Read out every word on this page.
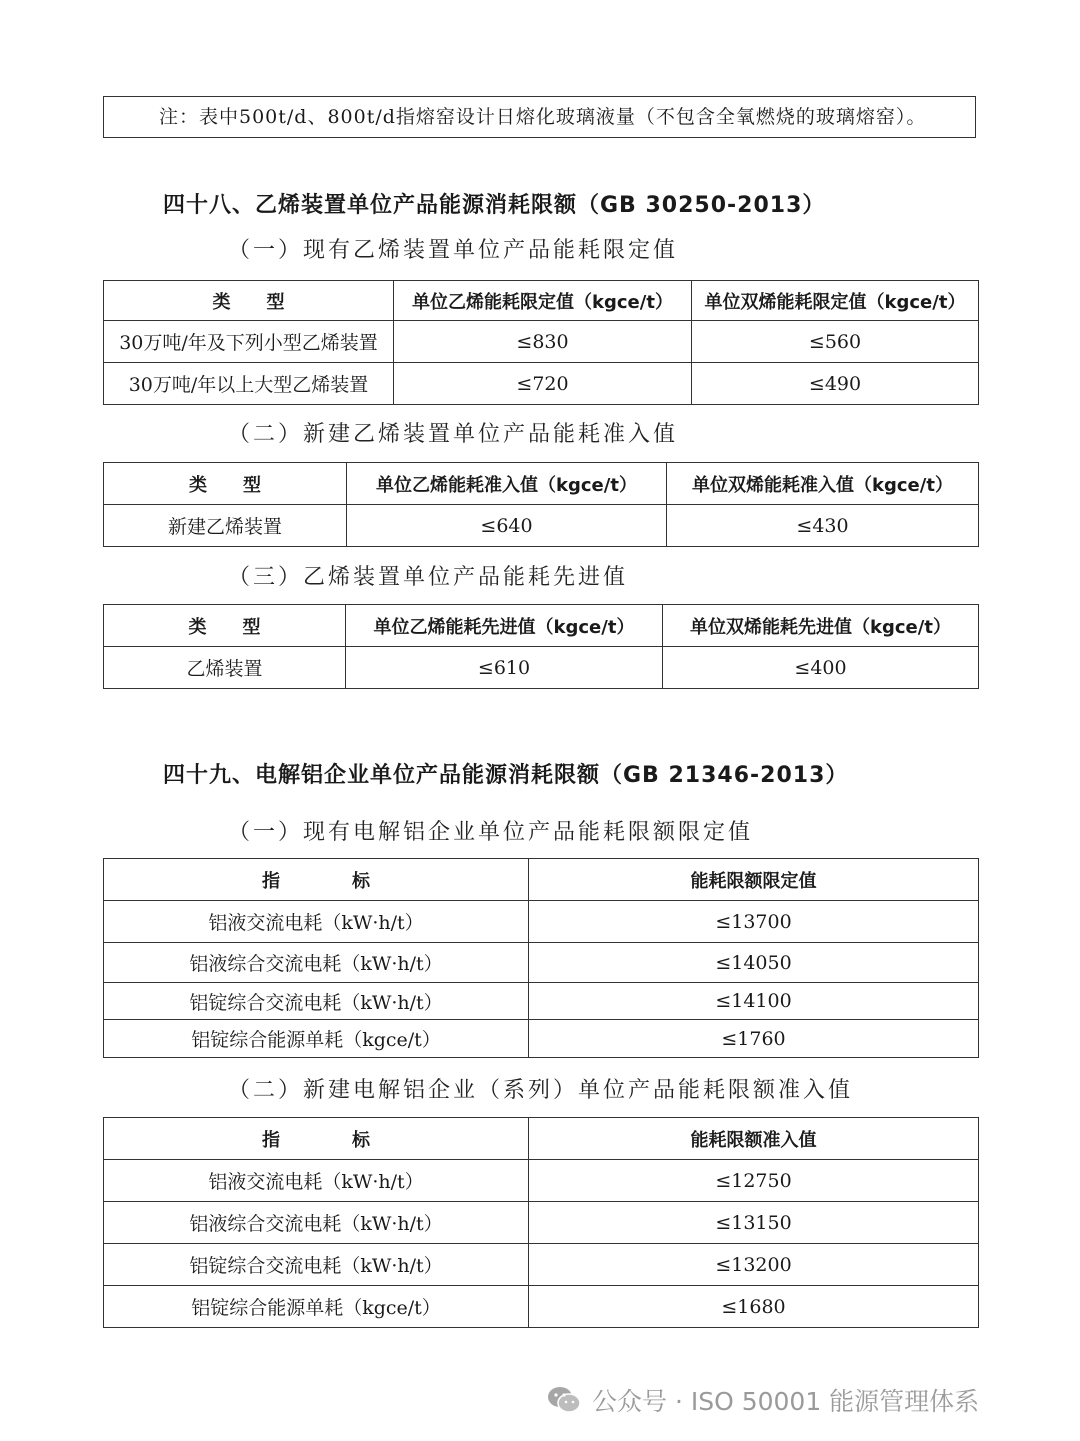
注：表中500t/d、800t/d指熔窑设计日熔化玻璃液量（不包含全氧燃烧的玻璃熔窑）。
四十八、乙烯装置单位产品能源消耗限额（GB 30250-2013）
（一）现有乙烯装置单位产品能耗限定值
类　　型	单位乙烯能耗限定值（kgce/t）	单位双烯能耗限定值（kgce/t）
30万吨/年及下列小型乙烯装置	≤830	≤560
30万吨/年以上大型乙烯装置	≤720	≤490
（二）新建乙烯装置单位产品能耗准入值
类　　型	单位乙烯能耗准入值（kgce/t）	单位双烯能耗准入值（kgce/t）
新建乙烯装置	≤640	≤430
（三）乙烯装置单位产品能耗先进值
类　　型	单位乙烯能耗先进值（kgce/t）	单位双烯能耗先进值（kgce/t）
乙烯装置	≤610	≤400
四十九、电解铝企业单位产品能源消耗限额（GB 21346-2013）
（一）现有电解铝企业单位产品能耗限额限定值
指　　　　标	能耗限额限定值
铝液交流电耗（kW·h/t）	≤13700
铝液综合交流电耗（kW·h/t）	≤14050
铝锭综合交流电耗（kW·h/t）	≤14100
铝锭综合能源单耗（kgce/t）	≤1760
（二）新建电解铝企业（系列）单位产品能耗限额准入值
指　　　　标	能耗限额准入值
铝液交流电耗（kW·h/t）	≤12750
铝液综合交流电耗（kW·h/t）	≤13150
铝锭综合交流电耗（kW·h/t）	≤13200
铝锭综合能源单耗（kgce/t）	≤1680
公众号 · ISO 50001 能源管理体系
